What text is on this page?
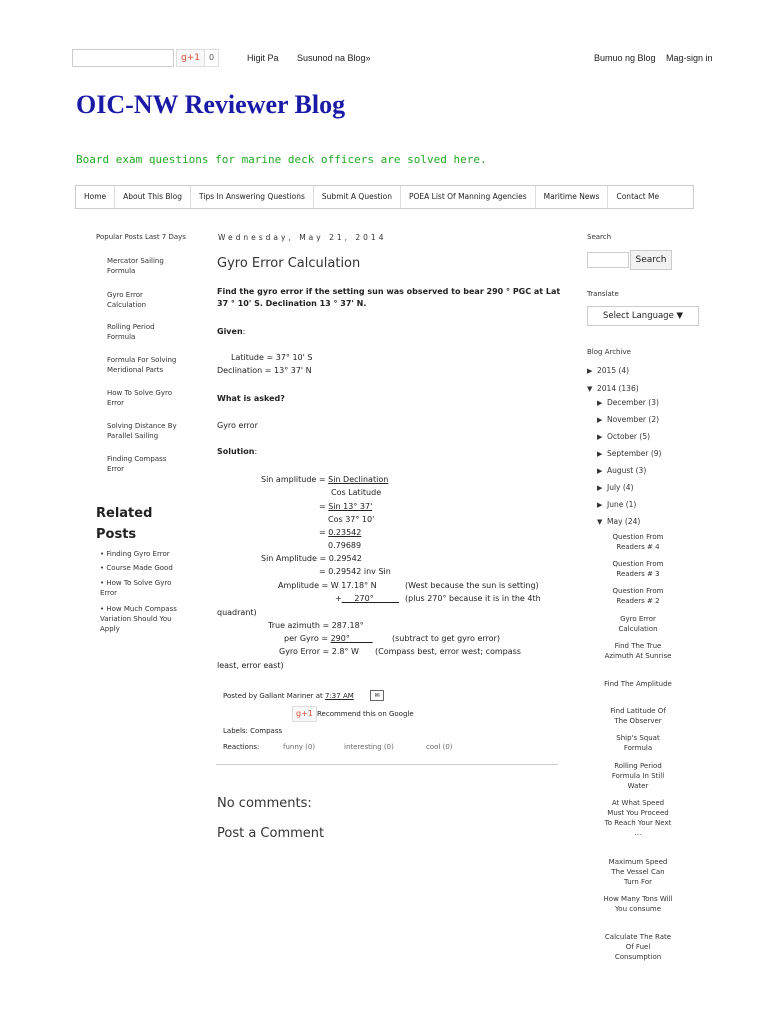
g+1	0	Higit Pa Susunod na Blog»	Bumuo ng Blog Mag-sign in
OIC-NW Reviewer Blog
Board exam questions for marine deck officers are solved here.
Home	About This Blog	Tips In Answering Questions	Submit A Question	POEA List Of Manning Agencies	Maritime News	Contact Me
Popular Posts Last 7 Days
Mercator Sailing Formula
Gyro Error Calculation
Rolling Period Formula
Formula For Solving Meridional Parts
How To Solve Gyro Error
Solving Distance By Parallel Sailing
Finding Compass Error
Related Posts
• Finding Gyro Error
• Course Made Good
• How To Solve Gyro Error
• How Much Compass Variation Should You Apply
Wednesday, May 21, 2014
Gyro Error Calculation
Find the gyro error if the setting sun was observed to bear 290 ° PGC at Lat
37 ° 10' S. Declination 13 ° 37' N.
Given:
Latitude = 37° 10' S
Declination = 13° 37' N
What is asked?
Gyro error
Solution:
Sin amplitude = Sin Declination
Cos Latitude
= Sin 13° 37'
Cos 37° 10'
= 0.23542
0.79689
Sin Amplitude = 0.29542
= 0.29542 inv Sin
Amplitude = W 17.18° N	(West because the sun is setting)
+     270° (plus 270° because it is in the 4th
quadrant)
True azimuth = 287.18°
per Gyro = 290° (subtract to get gyro error)
Gyro Error = 2.8° W (Compass best, error west; compass
least, error east)
Posted by Gallant Mariner at 7:37 AM	✉
g+1 Recommend this on Google
Labels: Compass
Reactions:	funny (0)	interesting (0)	cool (0)
No comments:
Post a Comment
Search
Search
Translate
Select Language ▼
Blog Archive
▶ 2015 (4)
▼ 2014 (136)
▶ December (3)
▶ November (2)
▶ October (5)
▶ September (9)
▶ August (3)
▶ July (4)
▶ June (1)
▼ May (24)
Question From Readers # 4
Question From Readers # 3
Question From Readers # 2
Gyro Error Calculation
Find The True Azimuth At Sunrise
Find The Amplitude
Find Latitude Of The Observer
Ship's Squat Formula
Rolling Period Formula In Still Water
At What Speed Must You Proceed To Reach Your Next ...
Maximum Speed The Vessel Can Turn For
How Many Tons Will You consume
Calculate The Rate Of Fuel Consumption
